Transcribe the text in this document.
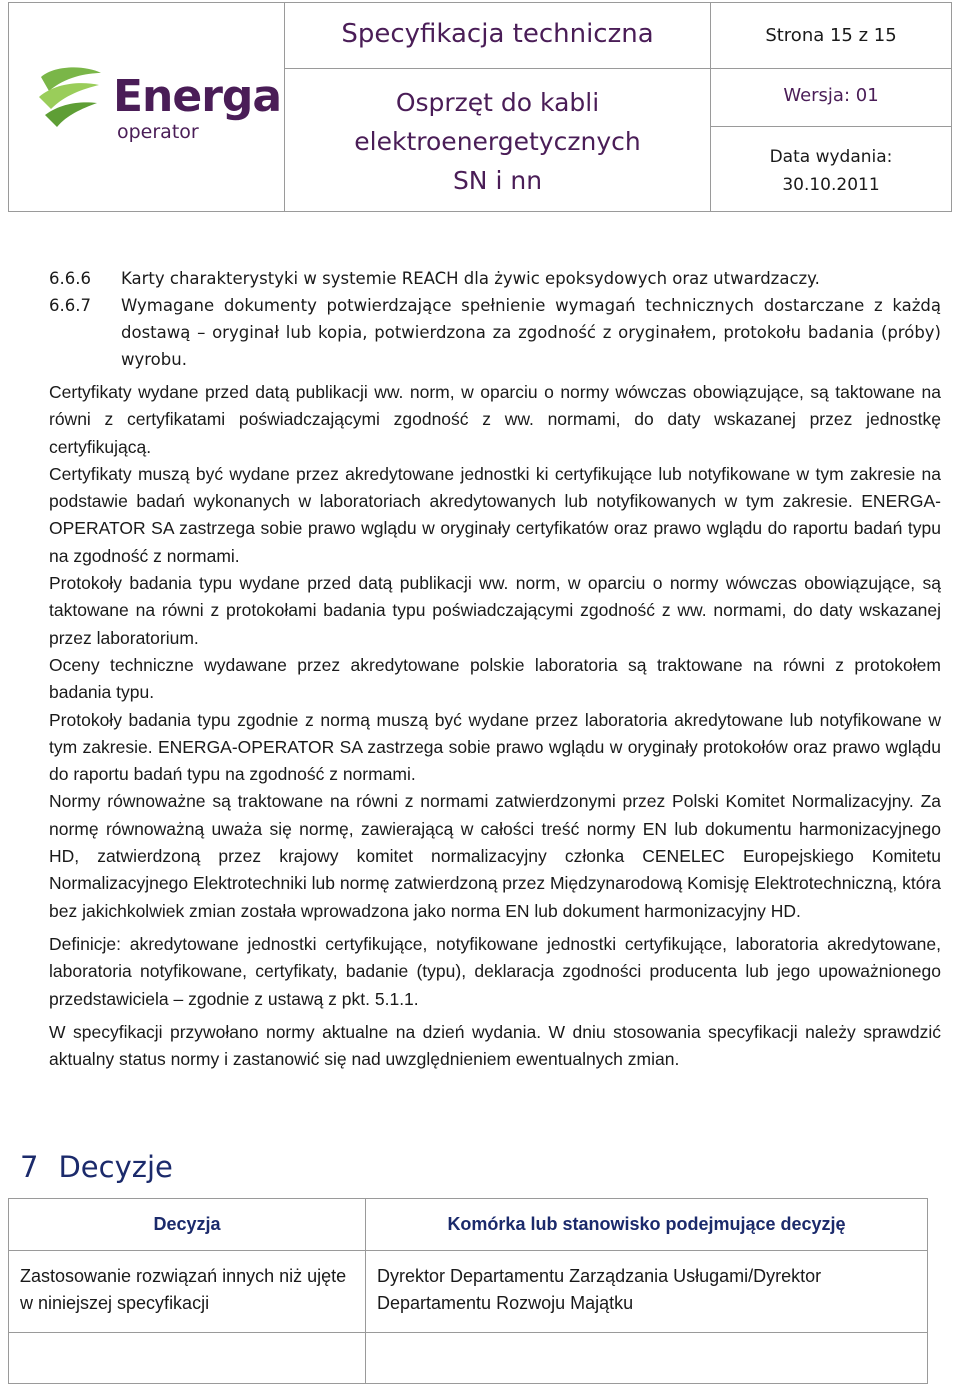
Energa
operator
Specyfikacja techniczna
Osprzęt do kabli
elektroenergetycznych
SN i nn
Strona 15 z 15
Wersja: 01
Data wydania:
30.10.2011
6.6.6 Karty charakterystyki w systemie REACH dla żywic epoksydowych oraz utwardzaczy.
6.6.7 Wymagane dokumenty potwierdzające spełnienie wymagań technicznych dostarczane z każdą dostawą – oryginał lub kopia, potwierdzona za zgodność z oryginałem, protokołu badania (próby) wyrobu.

Certyfikaty wydane przed datą publikacji ww. norm, w oparciu o normy wówczas obowiązujące, są taktowane na równi z certyfikatami poświadczającymi zgodność z ww. normami, do daty wskazanej przez jednostkę certyfikującą.

Certyfikaty muszą być wydane przez akredytowane jednostki ki certyfikujące lub notyfikowane w tym zakresie na podstawie badań wykonanych w laboratoriach akredytowanych lub notyfikowanych w tym zakresie. ENERGA-OPERATOR SA zastrzega sobie prawo wglądu w oryginały certyfikatów oraz prawo wglądu do raportu badań typu na zgodność z normami.

Protokoły badania typu wydane przed datą publikacji ww. norm, w oparciu o normy wówczas obowiązujące, są taktowane na równi z protokołami badania typu poświadczającymi zgodność z ww. normami, do daty wskazanej przez laboratorium.

Oceny techniczne wydawane przez akredytowane polskie laboratoria są traktowane na równi z protokołem badania typu.

Protokoły badania typu zgodnie z normą muszą być wydane przez laboratoria akredytowane lub notyfikowane w tym zakresie. ENERGA-OPERATOR SA zastrzega sobie prawo wglądu w oryginały protokołów oraz prawo wglądu do raportu badań typu na zgodność z normami.

Normy równoważne są traktowane na równi z normami zatwierdzonymi przez Polski Komitet Normalizacyjny. Za normę równoważną uważa się normę, zawierającą w całości treść normy EN lub dokumentu harmonizacyjnego HD, zatwierdzoną przez krajowy komitet normalizacyjny członka CENELEC Europejskiego Komitetu Normalizacyjnego Elektrotechniki lub normę zatwierdzoną przez Międzynarodową Komisję Elektrotechniczną, która bez jakichkolwiek zmian została wprowadzona jako norma EN lub dokument harmonizacyjny HD.

Definicje: akredytowane jednostki certyfikujące, notyfikowane jednostki certyfikujące, laboratoria akredytowane, laboratoria notyfikowane, certyfikaty, badanie (typu), deklaracja zgodności producenta lub jego upoważnionego przedstawiciela – zgodnie z ustawą z pkt. 5.1.1.

W specyfikacji przywołano normy aktualne na dzień wydania. W dniu stosowania specyfikacji należy sprawdzić aktualny status normy i zastanowić się nad uwzględnieniem ewentualnych zmian.

7 Decyzje
Decyzja	Komórka lub stanowisko podejmujące decyzję
Zastosowanie rozwiązań innych niż ujęte w niniejszej specyfikacji
Dyrektor Departamentu Zarządzania Usługami/Dyrektor Departamentu Rozwoju Majątku
